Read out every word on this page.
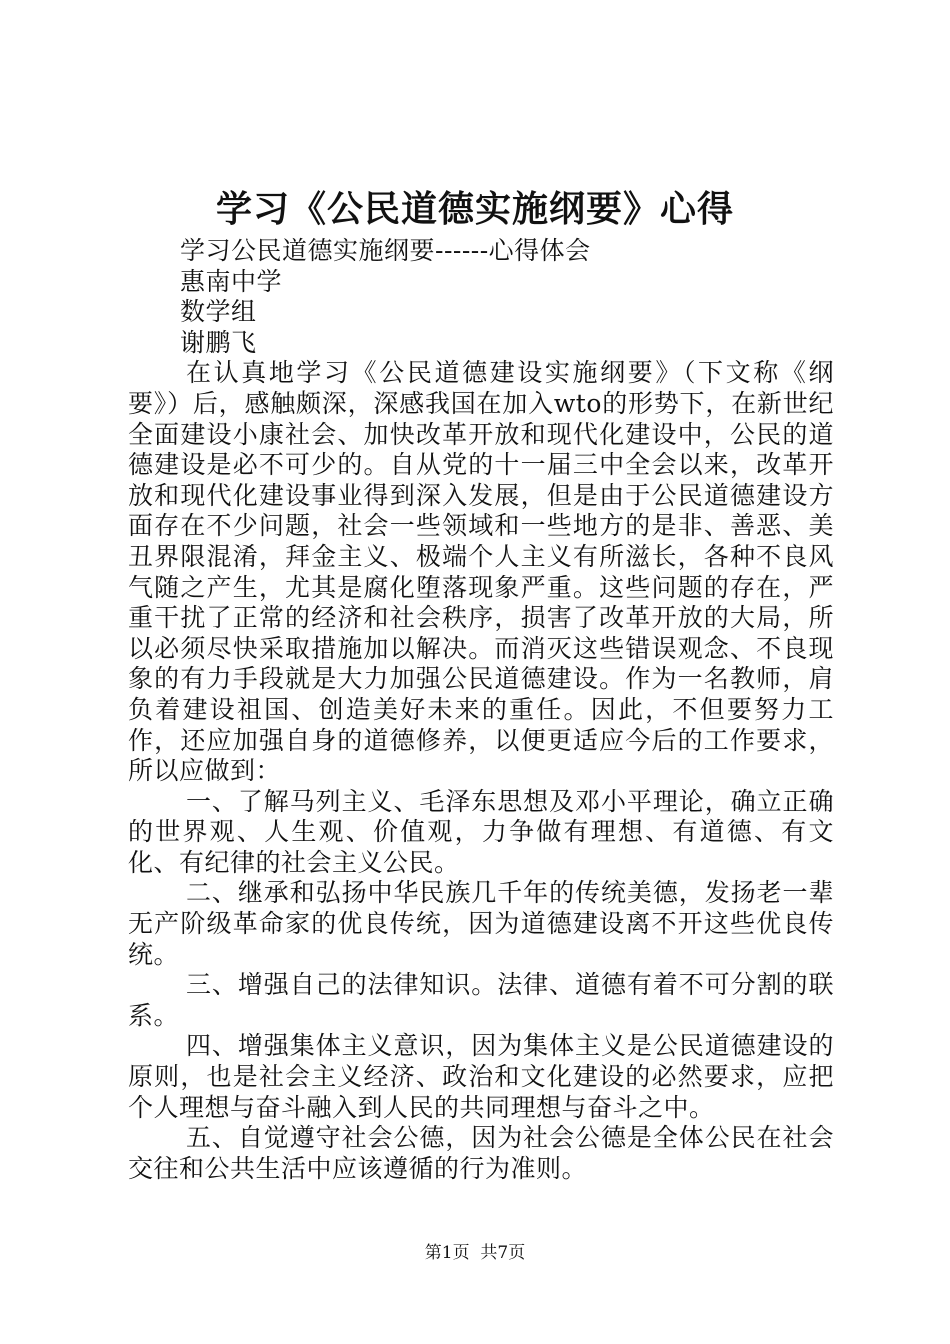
学习《公民道德实施纲要》心得

学习公民道德实施纲要------心得体会

惠南中学

数学组

谢鹏飞

在认真地学习《公民道德建设实施纲要》（下文称《纲要》）后，感触颇深，深感我国在加入wto的形势下，在新世纪全面建设小康社会、加快改革开放和现代化建设中，公民的道德建设是必不可少的。自从党的十一届三中全会以来，改革开放和现代化建设事业得到深入发展，但是由于公民道德建设方面存在不少问题，社会一些领域和一些地方的是非、善恶、美丑界限混淆，拜金主义、极端个人主义有所滋长，各种不良风气随之产生，尤其是腐化堕落现象严重。这些问题的存在，严重干扰了正常的经济和社会秩序，损害了改革开放的大局，所以必须尽快采取措施加以解决。而消灭这些错误观念、不良现象的有力手段就是大力加强公民道德建设。作为一名教师，肩负着建设祖国、创造美好未来的重任。因此，不但要努力工作，还应加强自身的道德修养，以便更适应今后的工作要求，所以应做到：

一、了解马列主义、毛泽东思想及邓小平理论，确立正确的世界观、人生观、价值观，力争做有理想、有道德、有文化、有纪律的社会主义公民。

二、继承和弘扬中华民族几千年的传统美德，发扬老一辈无产阶级革命家的优良传统，因为道德建设离不开这些优良传统。

三、增强自己的法律知识。法律、道德有着不可分割的联系。

四、增强集体主义意识，因为集体主义是公民道德建设的原则，也是社会主义经济、政治和文化建设的必然要求，应把个人理想与奋斗融入到人民的共同理想与奋斗之中。

五、自觉遵守社会公德，因为社会公德是全体公民在社会交往和公共生活中应该遵循的行为准则。

第1页  共7页
